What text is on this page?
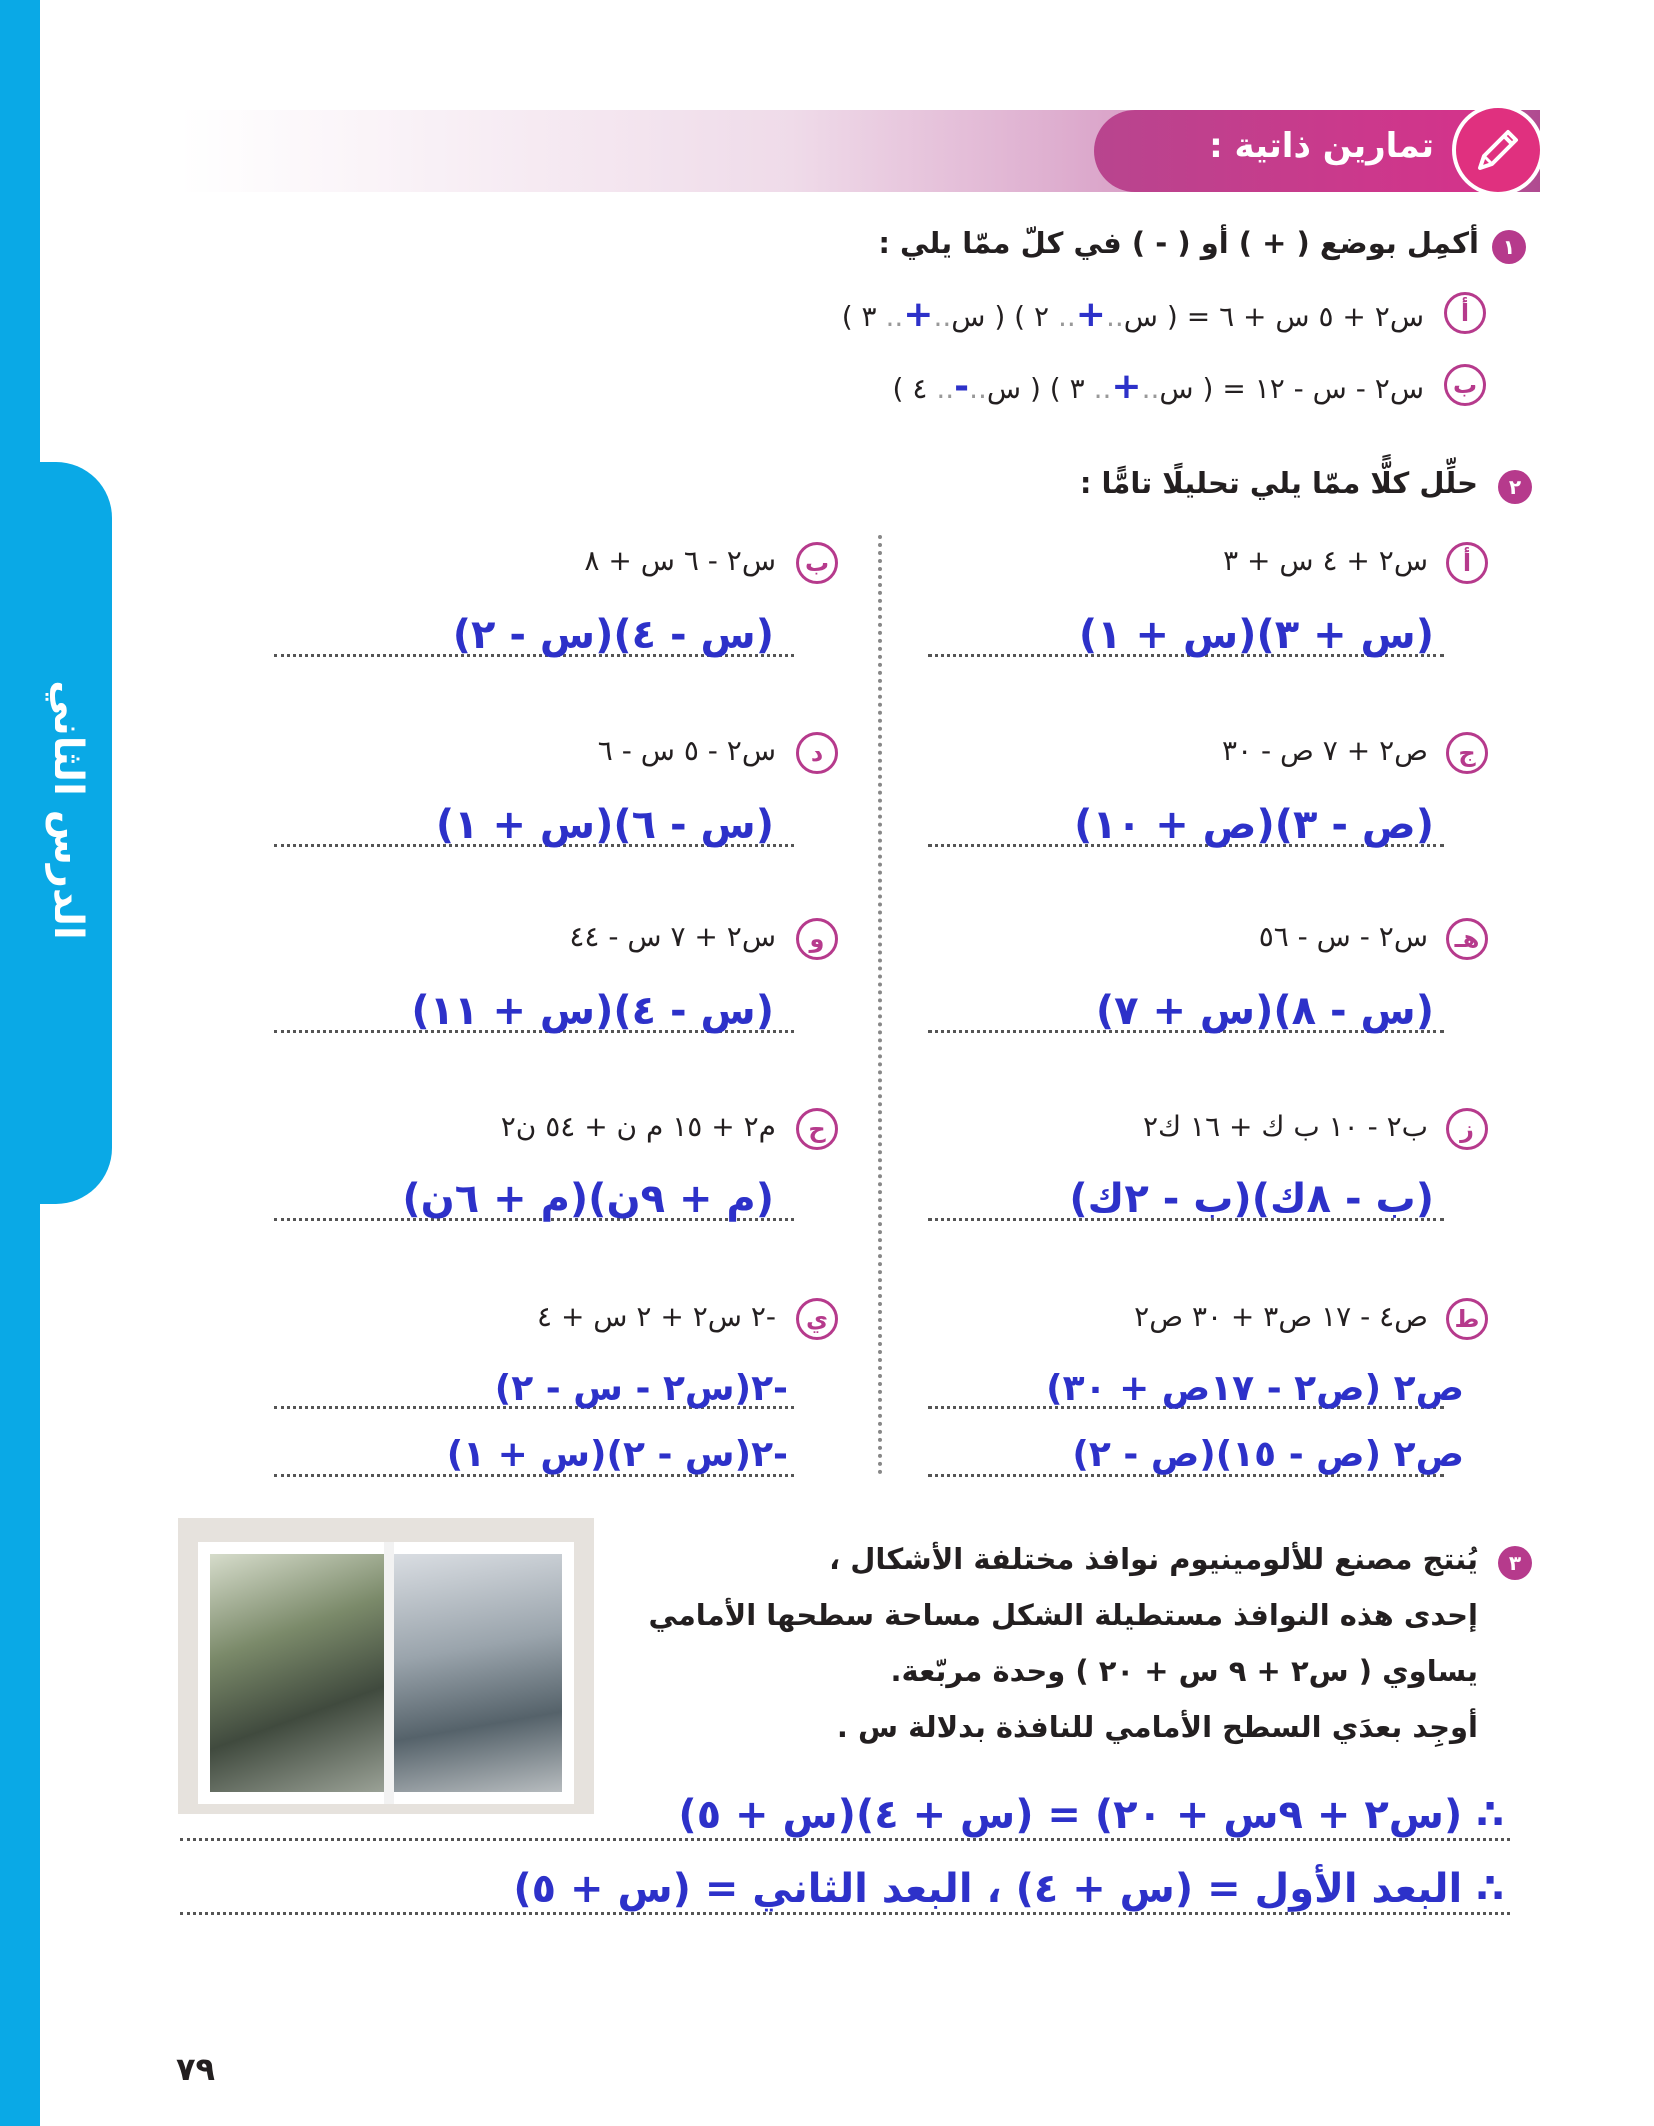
الدرس الثاني
تمارين ذاتية :
١
أكمِل بوضع ( + ) أو ( - ) في كلّ ممّا يلي :
أ
س٢ + ٥ س + ٦ = ( س..+.. ٢ ) ( س..+.. ٣ )
ب
س٢ - س - ١٢ = ( س..+.. ٣ ) ( س..-.. ٤ )
٢
حلِّل كلًّا ممّا يلي تحليلًا تامًّا :
أ
س٢ + ٤ س + ٣
(س + ٣)(س + ١)
ج
ص٢ + ٧ ص - ٣٠
(ص - ٣)(ص + ١٠)
هـ
س٢ - س - ٥٦
(س - ٨)(س + ٧)
ز
ب٢ - ١٠ ب ك + ١٦ ك٢
(ب - ٨ك)(ب - ٢ك)
ط
ص٤ - ١٧ ص٣ + ٣٠ ص٢
ص٢ (ص٢ - ١٧ص + ٣٠)
ص٢ (ص - ١٥)(ص - ٢)
ب
س٢ - ٦ س + ٨
(س - ٤)(س - ٢)
د
س٢ - ٥ س - ٦
(س - ٦)(س + ١)
و
س٢ + ٧ س - ٤٤
(س - ٤)(س + ١١)
ح
م٢ + ١٥ م ن + ٥٤ ن٢
(م + ٩ن)(م + ٦ن)
ي
-٢ س٢ + ٢ س + ٤
-٢(س٢ - س - ٢)
-٢(س - ٢)(س + ١)
٣
يُنتج مصنع للألومينيوم نوافذ مختلفة الأشكال ،
إحدى هذه النوافذ مستطيلة الشكل مساحة سطحها الأمامي
يساوي ( س٢ + ٩ س + ٢٠ ) وحدة مربّعة.
أوجِد بعدَي السطح الأمامي للنافذة بدلالة س .
∴ (س٢ + ٩س + ٢٠) = (س + ٤)(س + ٥)
∴ البعد الأول = (س + ٤) ، البعد الثاني = (س + ٥)
٧٩
